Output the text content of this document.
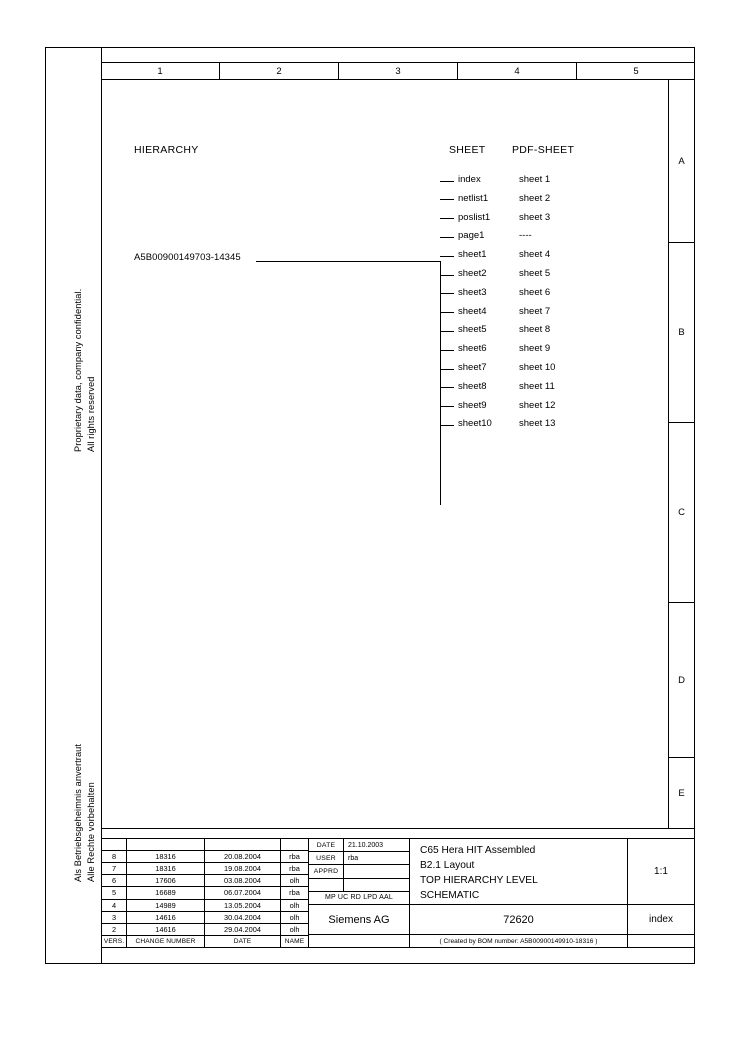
1	2	3	4	5
A
B
C
D
E
Proprietary data, company confidential. All rights reserved
Als Betriebsgeheimnis anvertraut Alle Rechte vorbehalten
HIERARCHY	SHEET	PDF-SHEET
A5B00900149703-14345
index	sheet 1
netlist1	sheet 2
poslist1	sheet 3
page1	----
sheet1	sheet 4
sheet2	sheet 5
sheet3	sheet 6
sheet4	sheet 7
sheet5	sheet 8
sheet6	sheet 9
sheet7	sheet 10
sheet8	sheet 11
sheet9	sheet 12
sheet10	sheet 13
8	18316	20.08.2004	rba
7	18316	19.08.2004	rba
6	17606	03.08.2004	olh
5	16689	06.07.2004	rba
4	14989	13.05.2004	olh
3	14616	30.04.2004	olh
2	14616	29.04.2004	olh
VERS.	CHANGE NUMBER	DATE	NAME
DATE	21.10.2003
USER	rba
APPRD
MP UC RD LPD AAL
Siemens AG
C65 Hera HIT Assembled
B2.1 Layout
TOP HIERARCHY LEVEL
SCHEMATIC
72620
( Created by BOM number: A5B00900149910-18316 )
1:1
index
